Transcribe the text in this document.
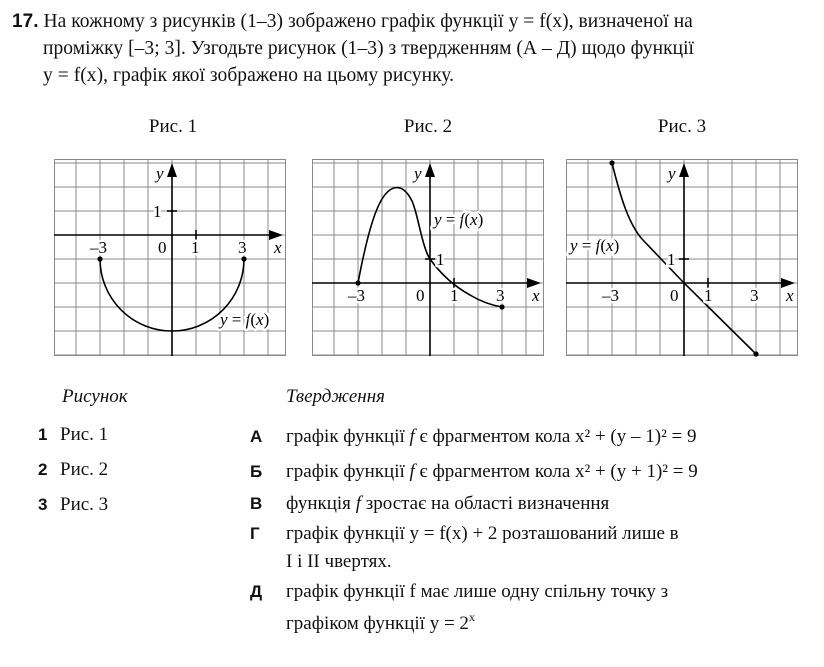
17. На кожному з рисунків (1–3) зображено графік функції y = f(x), визначеної на
проміжку [–3; 3]. Узгодьте рисунок (1–3) з твердженням (А – Д) щодо функції
y = f(x), графік якої зображено на цьому рисунку.
Рис. 1	Рис. 2	Рис. 3
y
x
1
–3	0 1 3
y = f(x)
y
x
1
–3	0 1 3
y = f(x)
y
x
1
–3	0 1 3
y = f(x)
Рисунок	Твердження
1 Рис. 1
2 Рис. 2
3 Рис. 3
А графік функції f є фрагментом кола x² + (y – 1)² = 9
Б графік функції f є фрагментом кола x² + (y + 1)² = 9
В функція f зростає на області визначення
Г графік функції y = f(x) + 2 розташований лише в
I і II чвертях.
Д графік функції f має лише одну спільну точку з
графіком функції $y = 2^x$
